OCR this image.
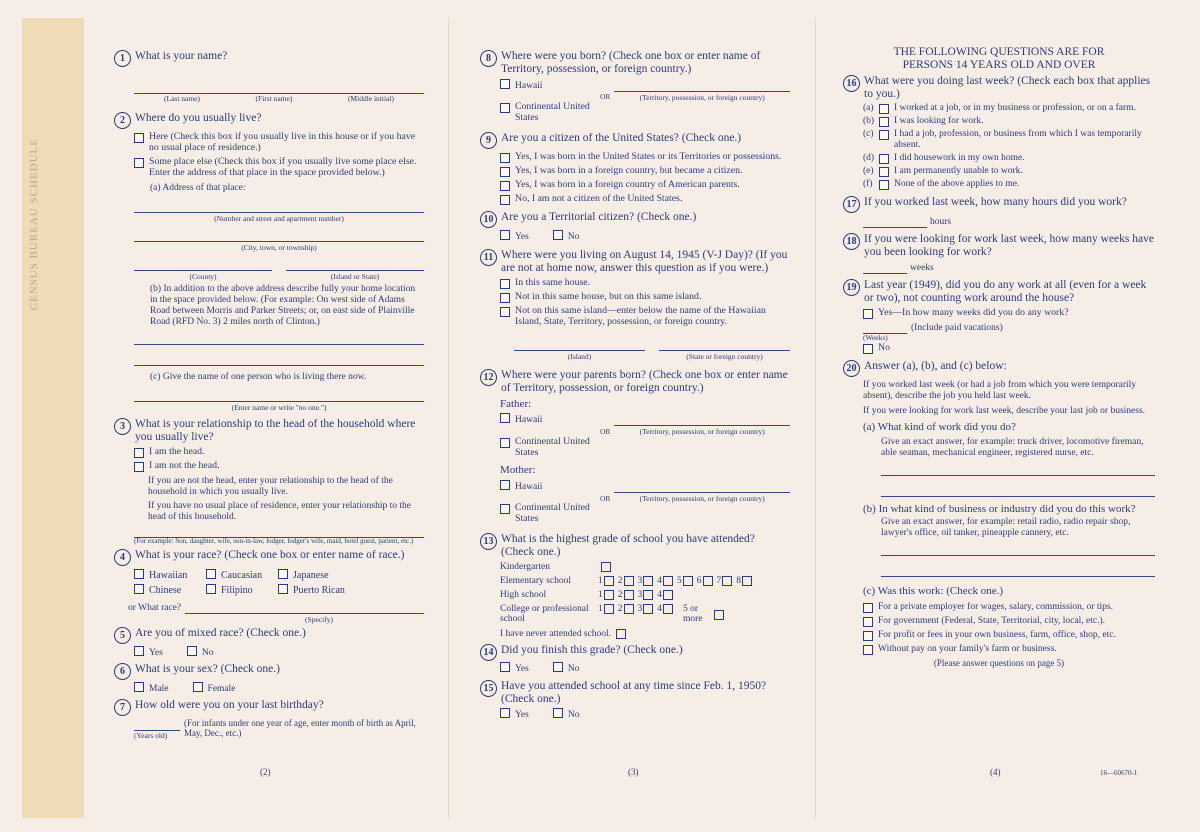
CENSUS BUREAU SCHEDULE
1 What is your name?
(Last name)	(First name)	(Middle initial)
2 Where do you usually live?
Here (Check this box if you usually live in this house or if you have no usual place of residence.)
Some place else (Check this box if you usually live some place else. Enter the address of that place in the space provided below.)
(a) Address of that place:
(Number and street and apartment number)
(City, town, or township)
(County)	(Island or State)
(b) In addition to the above address describe fully your home location in the space provided below. (For example: On west side of Adams Road between Morris and Parker Streets; or, on east side of Plainville Road (RFD No. 3) 2 miles north of Clinton.)
(c) Give the name of one person who is living there now.
(Enter name or write "no one.")
3 What is your relationship to the head of the household where you usually live?
I am the head.
I am not the head.
If you are not the head, enter your relationship to the head of the household in which you usually live.
If you have no usual place of residence, enter your relationship to the head of this household.
(For example: Son, daughter, wife, son-in-law, lodger, lodger's wife, maid, hotel guest, patient, etc.)
4 What is your race? (Check one box or enter name of race.)
Hawaiian	Caucasian	Japanese
Chinese	Filipino	Puerto Rican
or What race?
(Specify)
5 Are you of mixed race? (Check one.)
Yes	No
6 What is your sex? (Check one.)
Male	Female
7 How old were you on your last birthday?
(Years old)
(For infants under one year of age, enter month of birth as April, May, Dec., etc.)
(2)
8 Where were you born? (Check one box or enter name of Territory, possession, or foreign country.)
Hawaii
OR	(Territory, possession, or foreign country)
Continental United States
9 Are you a citizen of the United States? (Check one.)
Yes, I was born in the United States or its Territories or possessions.
Yes, I was born in a foreign country, but became a citizen.
Yes, I was born in a foreign country of American parents.
No, I am not a citizen of the United States.
10 Are you a Territorial citizen? (Check one.)
Yes	No
11 Where were you living on August 14, 1945 (V-J Day)? (If you are not at home now, answer this question as if you were.)
In this same house.
Not in this same house, but on this same island.
Not on this same island—enter below the name of the Hawaiian Island, State, Territory, possession, or foreign country.
(Island)	(State or foreign country)
12 Where were your parents born? (Check one box or enter name of Territory, possession, or foreign country.)
Father:
Hawaii
OR	(Territory, possession, or foreign country)
Continental United States
Mother:
Hawaii
OR	(Territory, possession, or foreign country)
Continental United States
13 What is the highest grade of school you have attended? (Check one.)
Kindergarten
Elementary school	1 2 3 4 5 6 7 8
High school	1 2 3 4
College or professional school
1 2 3 4 5 or more
I have never attended school.
14 Did you finish this grade? (Check one.)
Yes	No
15 Have you attended school at any time since Feb. 1, 1950? (Check one.)
Yes	No
(3)
THE FOLLOWING QUESTIONS ARE FOR PERSONS 14 YEARS OLD AND OVER
16 What were you doing last week? (Check each box that applies to you.)
(a)	I worked at a job, or in my business or profession, or on a farm.
(b)	I was looking for work.
(c)	I had a job, profession, or business from which I was temporarily absent.
(d)	I did housework in my own home.
(e)	I am permanently unable to work.
(f)	None of the above applies to me.
17 If you worked last week, how many hours did you work?
hours
18 If you were looking for work last week, how many weeks have you been looking for work?
weeks
19 Last year (1949), did you do any work at all (even for a week or two), not counting work around the house?
Yes—In how many weeks did you do any work?
(Weeks)
(Include paid vacations)
No
20 Answer (a), (b), and (c) below:
If you worked last week (or had a job from which you were temporarily absent), describe the job you held last week.
If you were looking for work last week, describe your last job or business.
(a) What kind of work did you do?
Give an exact answer, for example: truck driver, locomotive fireman, able seaman, mechanical engineer, registered nurse, etc.
(b) In what kind of business or industry did you do this work?
Give an exact answer, for example: retail radio, radio repair shop, lawyer's office, oil tanker, pineapple cannery, etc.
(c) Was this work: (Check one.)
For a private employer for wages, salary, commission, or tips.
For government (Federal, State, Territorial, city, local, etc.).
For profit or fees in your own business, farm, office, shop, etc.
Without pay on your family's farm or business.
(Please answer questions on page 5)
(4)	16—60670-1
